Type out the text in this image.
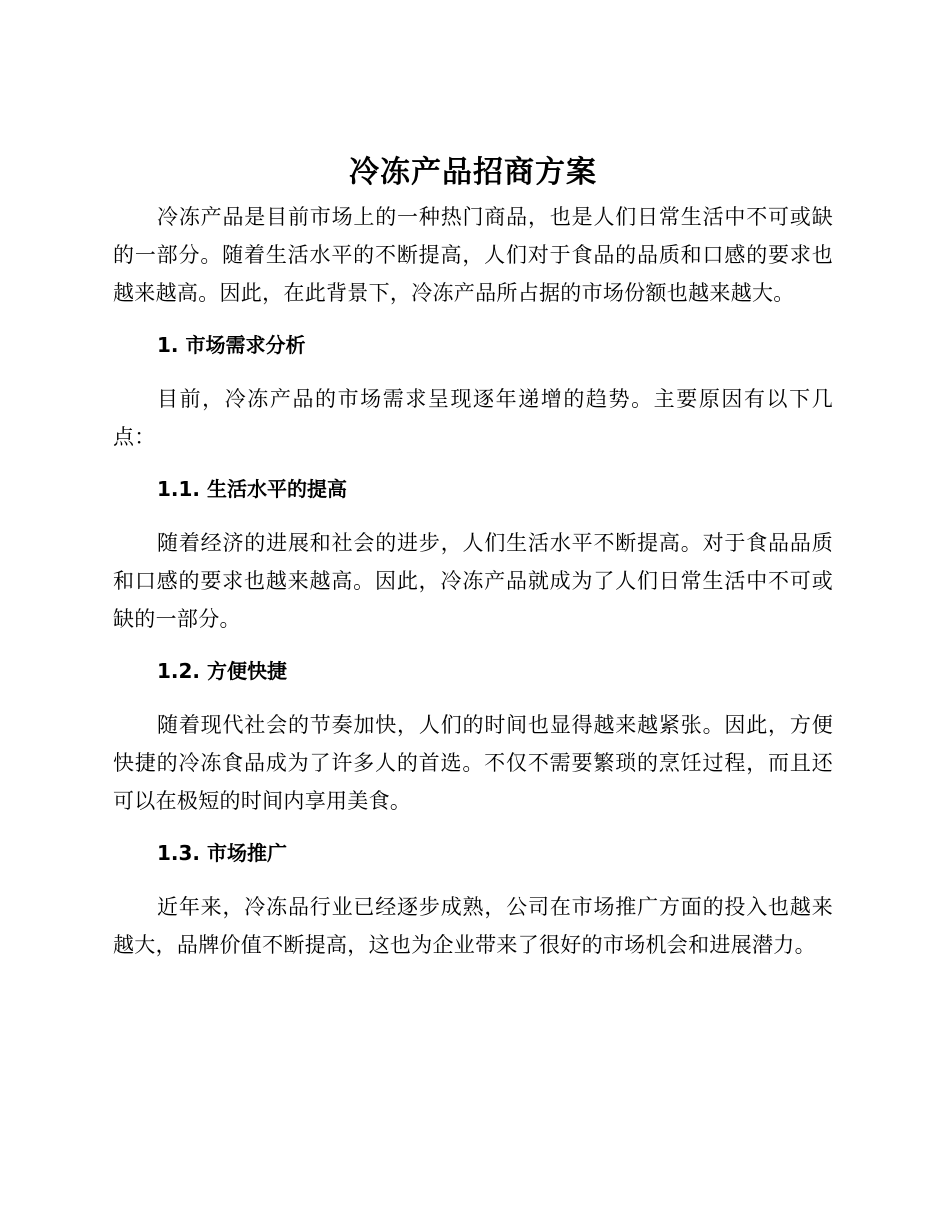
冷冻产品招商方案

冷冻产品是目前市场上的一种热门商品，也是人们日常生活中不可或缺的一部分。随着生活水平的不断提高，人们对于食品的品质和口感的要求也越来越高。因此，在此背景下，冷冻产品所占据的市场份额也越来越大。

1. 市场需求分析

目前，冷冻产品的市场需求呈现逐年递增的趋势。主要原因有以下几点：

1.1. 生活水平的提高

随着经济的进展和社会的进步，人们生活水平不断提高。对于食品品质和口感的要求也越来越高。因此，冷冻产品就成为了人们日常生活中不可或缺的一部分。

1.2. 方便快捷

随着现代社会的节奏加快，人们的时间也显得越来越紧张。因此，方便快捷的冷冻食品成为了许多人的首选。不仅不需要繁琐的烹饪过程，而且还可以在极短的时间内享用美食。

1.3. 市场推广

近年来，冷冻品行业已经逐步成熟，公司在市场推广方面的投入也越来越大，品牌价值不断提高，这也为企业带来了很好的市场机会和进展潜力。
